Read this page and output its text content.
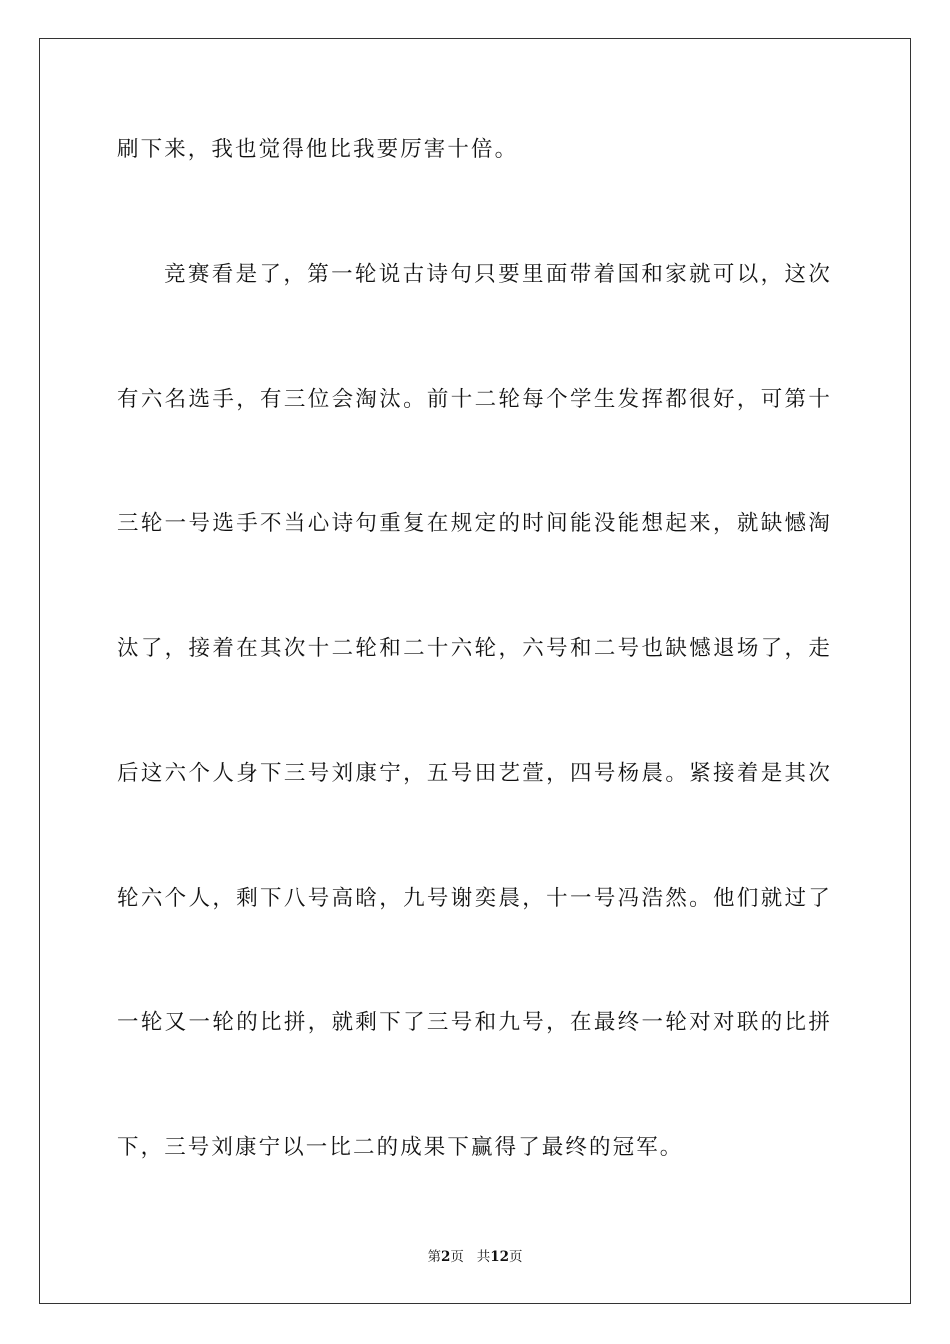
刷下来，我也觉得他比我要厉害十倍。
竞赛看是了，第一轮说古诗句只要里面带着国和家就可以，这次
有六名选手，有三位会淘汰。前十二轮每个学生发挥都很好，可第十
三轮一号选手不当心诗句重复在规定的时间能没能想起来，就缺憾淘
汰了，接着在其次十二轮和二十六轮，六号和二号也缺憾退场了，走
后这六个人身下三号刘康宁，五号田艺萱，四号杨晨。紧接着是其次
轮六个人，剩下八号高晗，九号谢奕晨，十一号冯浩然。他们就过了
一轮又一轮的比拼，就剩下了三号和九号，在最终一轮对对联的比拼
下，三号刘康宁以一比二的成果下赢得了最终的冠军。
第2页 共12页
